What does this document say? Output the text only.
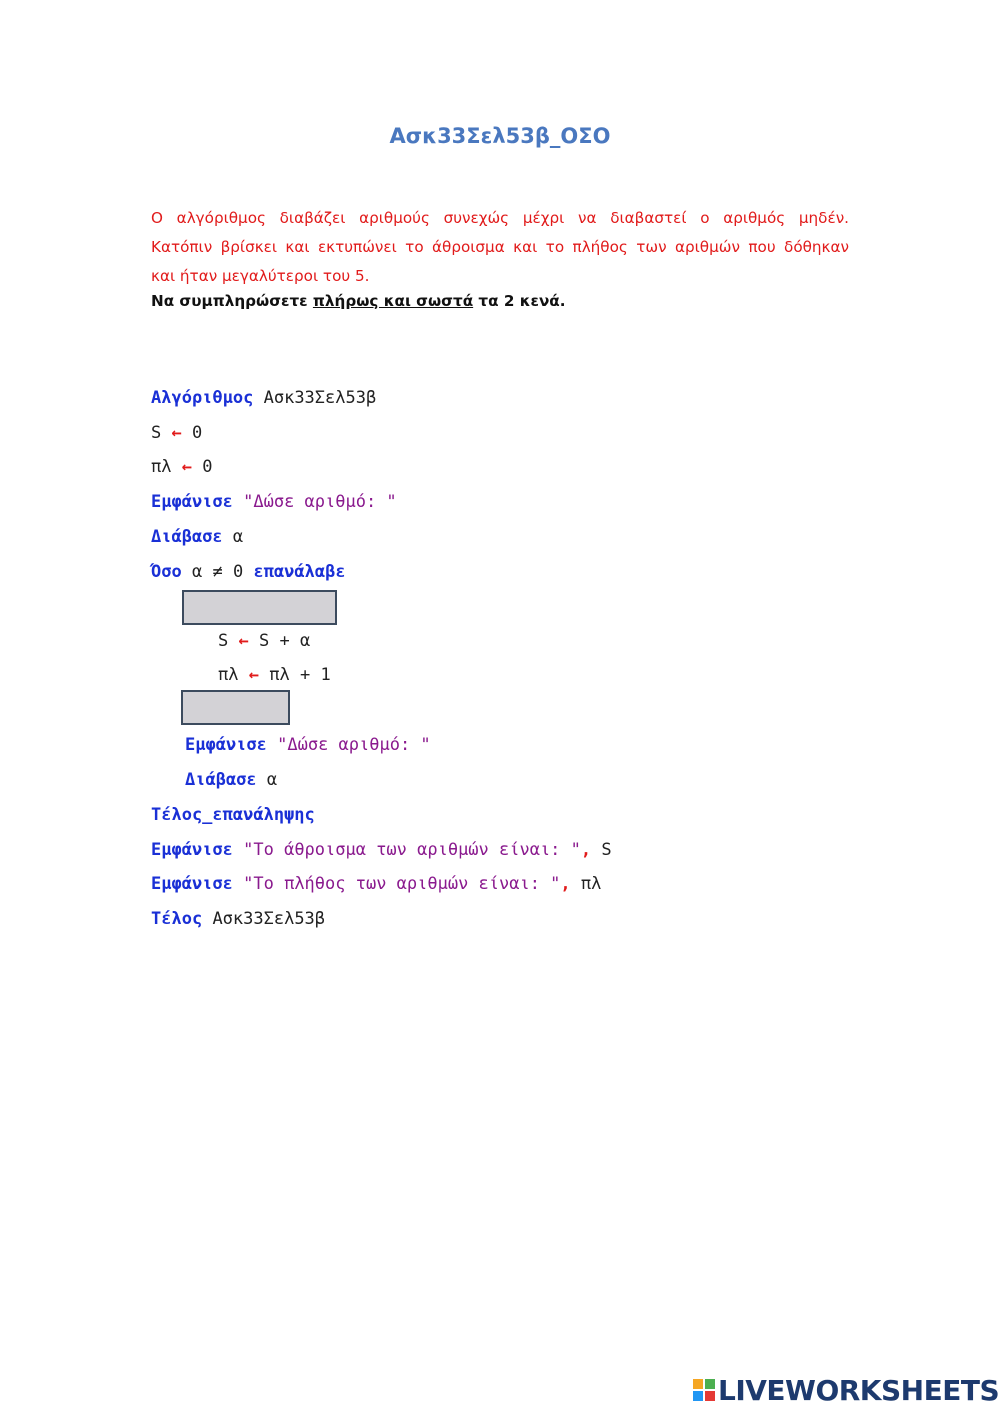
Ασκ33Σελ53β_ΟΣΟ

Ο αλγόριθμος διαβάζει αριθμούς συνεχώς μέχρι να διαβαστεί ο αριθμός μηδέν.

Κατόπιν βρίσκει και εκτυπώνει το άθροισμα και το πλήθος των αριθμών που δόθηκαν

και ήταν μεγαλύτεροι του 5.

Να συμπληρώσετε πλήρως και σωστά τα 2 κενά.
Αλγόριθμος Ασκ33Σελ53β
S ← 0
πλ ← 0
Εμφάνισε "Δώσε αριθμό: "
Διάβασε α
Όσο α ≠ 0 επανάλαβε
S ← S + α
πλ ← πλ + 1
Εμφάνισε "Δώσε αριθμό: "
Διάβασε α
Τέλος_επανάληψης
Εμφάνισε "Το άθροισμα των αριθμών είναι: ", S
Εμφάνισε "Το πλήθος των αριθμών είναι: ", πλ
Τέλος Ασκ33Σελ53β
LIVEWORKSHEETS
